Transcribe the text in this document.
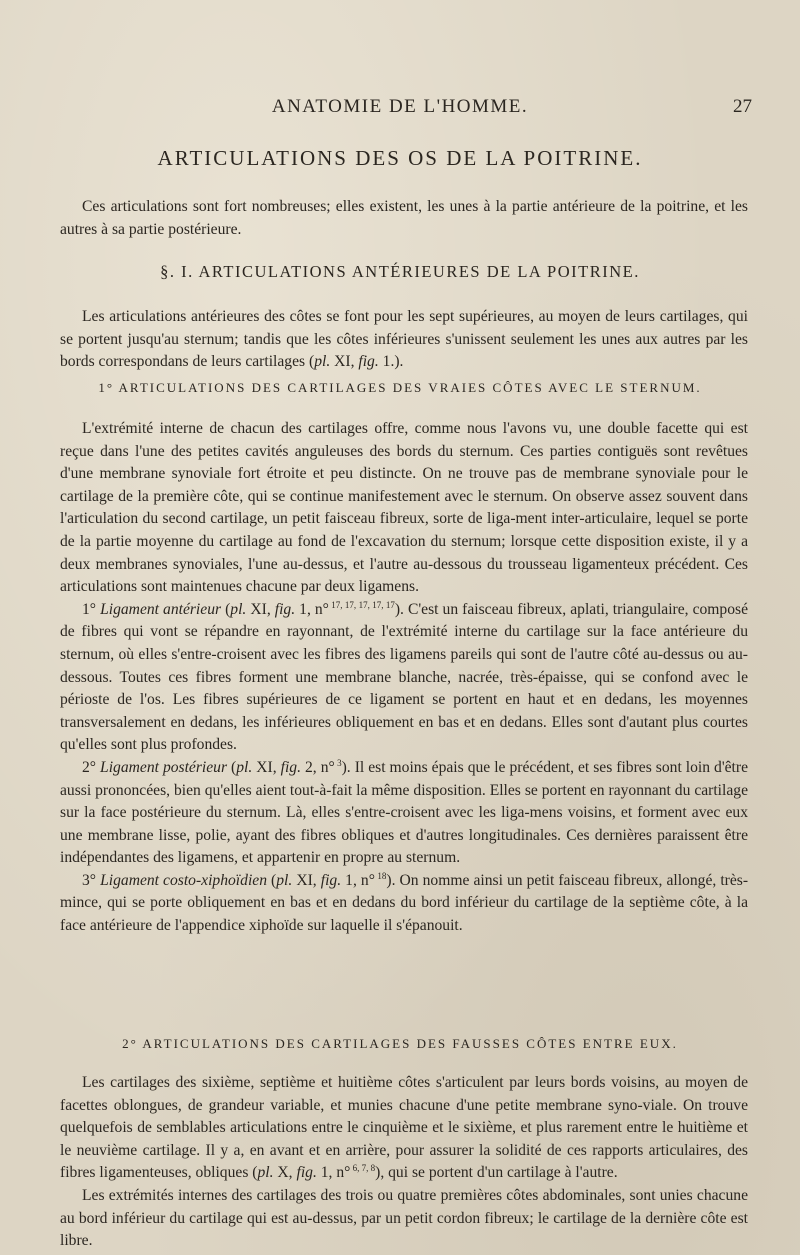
ANATOMIE DE L'HOMME.	27
ARTICULATIONS DES OS DE LA POITRINE.

Ces articulations sont fort nombreuses; elles existent, les unes à la partie antérieure de la poitrine, et les autres à sa partie postérieure.

§. I. ARTICULATIONS ANTÉRIEURES DE LA POITRINE.

Les articulations antérieures des côtes se font pour les sept supérieures, au moyen de leurs cartilages, qui se portent jusqu'au sternum; tandis que les côtes inférieures s'unissent seulement les unes aux autres par les bords correspondans de leurs cartilages (pl. XI, fig. 1.).

1° ARTICULATIONS DES CARTILAGES DES VRAIES CÔTES AVEC LE STERNUM.

L'extrémité interne de chacun des cartilages offre, comme nous l'avons vu, une double facette qui est reçue dans l'une des petites cavités anguleuses des bords du sternum. Ces parties contiguës sont revêtues d'une membrane synoviale fort étroite et peu distincte. On ne trouve pas de membrane synoviale pour le cartilage de la première côte, qui se continue manifestement avec le sternum. On observe assez souvent dans l'articulation du second cartilage, un petit faisceau fibreux, sorte de liga-ment inter-articulaire, lequel se porte de la partie moyenne du cartilage au fond de l'excavation du sternum; lorsque cette disposition existe, il y a deux membranes synoviales, l'une au-dessus, et l'autre au-dessous du trousseau ligamenteux précédent. Ces articulations sont maintenues chacune par deux ligamens.

1° Ligament antérieur (pl. XI, fig. 1, n° $^{17, 17, 17, 17, 17}$). C'est un faisceau fibreux, aplati, triangulaire, composé de fibres qui vont se répandre en rayonnant, de l'extrémité interne du cartilage sur la face antérieure du sternum, où elles s'entre-croisent avec les fibres des ligamens pareils qui sont de l'autre côté au-dessus ou au-dessous. Toutes ces fibres forment une membrane blanche, nacrée, très-épaisse, qui se confond avec le périoste de l'os. Les fibres supérieures de ce ligament se portent en haut et en dedans, les moyennes transversalement en dedans, les inférieures obliquement en bas et en dedans. Elles sont d'autant plus courtes qu'elles sont plus profondes.

2° Ligament postérieur (pl. XI, fig. 2, n° $^3$). Il est moins épais que le précédent, et ses fibres sont loin d'être aussi prononcées, bien qu'elles aient tout-à-fait la même disposition. Elles se portent en rayonnant du cartilage sur la face postérieure du sternum. Là, elles s'entre-croisent avec les liga-mens voisins, et forment avec eux une membrane lisse, polie, ayant des fibres obliques et d'autres longitudinales. Ces dernières paraissent être indépendantes des ligamens, et appartenir en propre au sternum.

3° Ligament costo-xiphoïdien (pl. XI, fig. 1, n° $^{18}$). On nomme ainsi un petit faisceau fibreux, allongé, très-mince, qui se porte obliquement en bas et en dedans du bord inférieur du cartilage de la septième côte, à la face antérieure de l'appendice xiphoïde sur laquelle il s'épanouit.

2° ARTICULATIONS DES CARTILAGES DES FAUSSES CÔTES ENTRE EUX.

Les cartilages des sixième, septième et huitième côtes s'articulent par leurs bords voisins, au moyen de facettes oblongues, de grandeur variable, et munies chacune d'une petite membrane syno-viale. On trouve quelquefois de semblables articulations entre le cinquième et le sixième, et plus rarement entre le huitième et le neuvième cartilage. Il y a, en avant et en arrière, pour assurer la solidité de ces rapports articulaires, des fibres ligamenteuses, obliques (pl. X, fig. 1, n° $^{6, 7, 8}$), qui se portent d'un cartilage à l'autre.

Les extrémités internes des cartilages des trois ou quatre premières côtes abdominales, sont unies chacune au bord inférieur du cartilage qui est au-dessus, par un petit cordon fibreux; le cartilage de la dernière côte est libre.
